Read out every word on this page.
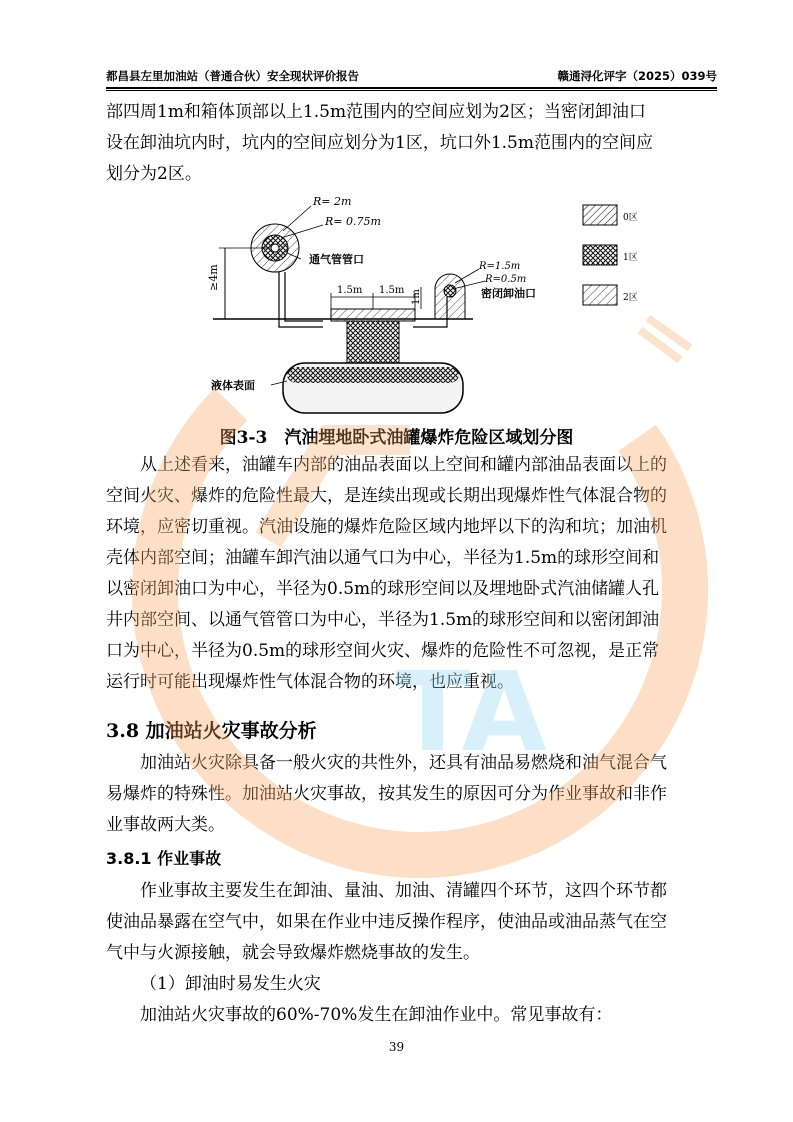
都昌县左里加油站（普通合伙）安全现状评价报告	赣通浔化评字（2025）039号
部四周1m和箱体顶部以上1.5m范围内的空间应划为2区；当密闭卸油口
设在卸油坑内时，坑内的空间应划分为1区，坑口外1.5m范围内的空间应
划分为2区。
≥4m
R= 2m
R= 0.75m
通气管管口
1.5m 1.5m 1m
R=1.5m
R=0.5m
密闭卸油口
液体表面
0区
1区
2区
图3-3　汽油埋地卧式油罐爆炸危险区域划分图
从上述看来，油罐车内部的油品表面以上空间和罐内部油品表面以上的
空间火灾、爆炸的危险性最大，是连续出现或长期出现爆炸性气体混合物的
环境，应密切重视。汽油设施的爆炸危险区域内地坪以下的沟和坑；加油机
壳体内部空间；油罐车卸汽油以通气口为中心，半径为1.5m的球形空间和
以密闭卸油口为中心，半径为0.5m的球形空间以及埋地卧式汽油储罐人孔
井内部空间、以通气管管口为中心，半径为1.5m的球形空间和以密闭卸油
口为中心，半径为0.5m的球形空间火灾、爆炸的危险性不可忽视，是正常
运行时可能出现爆炸性气体混合物的环境，也应重视。
3.8 加油站火灾事故分析
加油站火灾除具备一般火灾的共性外，还具有油品易燃烧和油气混合气
易爆炸的特殊性。加油站火灾事故，按其发生的原因可分为作业事故和非作
业事故两大类。
3.8.1 作业事故
作业事故主要发生在卸油、量油、加油、清罐四个环节，这四个环节都
使油品暴露在空气中，如果在作业中违反操作程序，使油品或油品蒸气在空
气中与火源接触，就会导致爆炸燃烧事故的发生。
（1）卸油时易发生火灾
加油站火灾事故的60%-70%发生在卸油作业中。常见事故有：
39
TA
